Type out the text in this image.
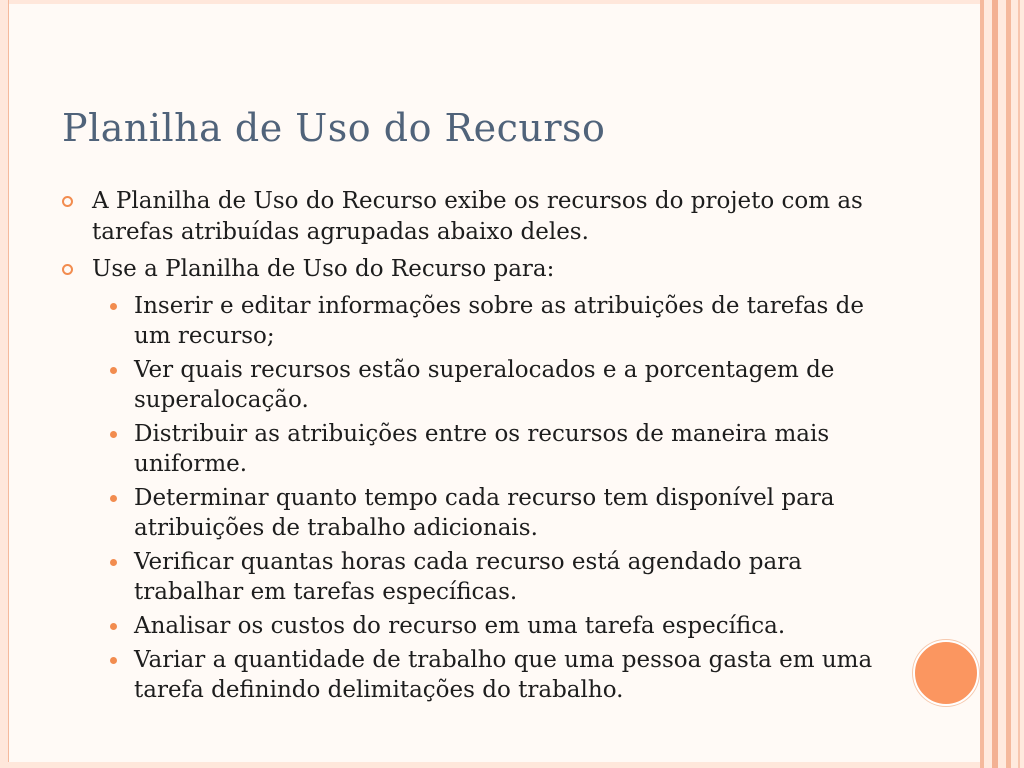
Planilha de Uso do Recurso
A Planilha de Uso do Recurso exibe os recursos do projeto com as tarefas atribuídas agrupadas abaixo deles.
Use a Planilha de Uso do Recurso para:
Inserir e editar informações sobre as atribuições de tarefas de um recurso;
Ver quais recursos estão superalocados e a porcentagem de superalocação.
Distribuir as atribuições entre os recursos de maneira mais uniforme.
Determinar quanto tempo cada recurso tem disponível para atribuições de trabalho adicionais.
Verificar quantas horas cada recurso está agendado para trabalhar em tarefas específicas.
Analisar os custos do recurso em uma tarefa específica.
Variar a quantidade de trabalho que uma pessoa gasta em uma tarefa definindo delimitações do trabalho.
